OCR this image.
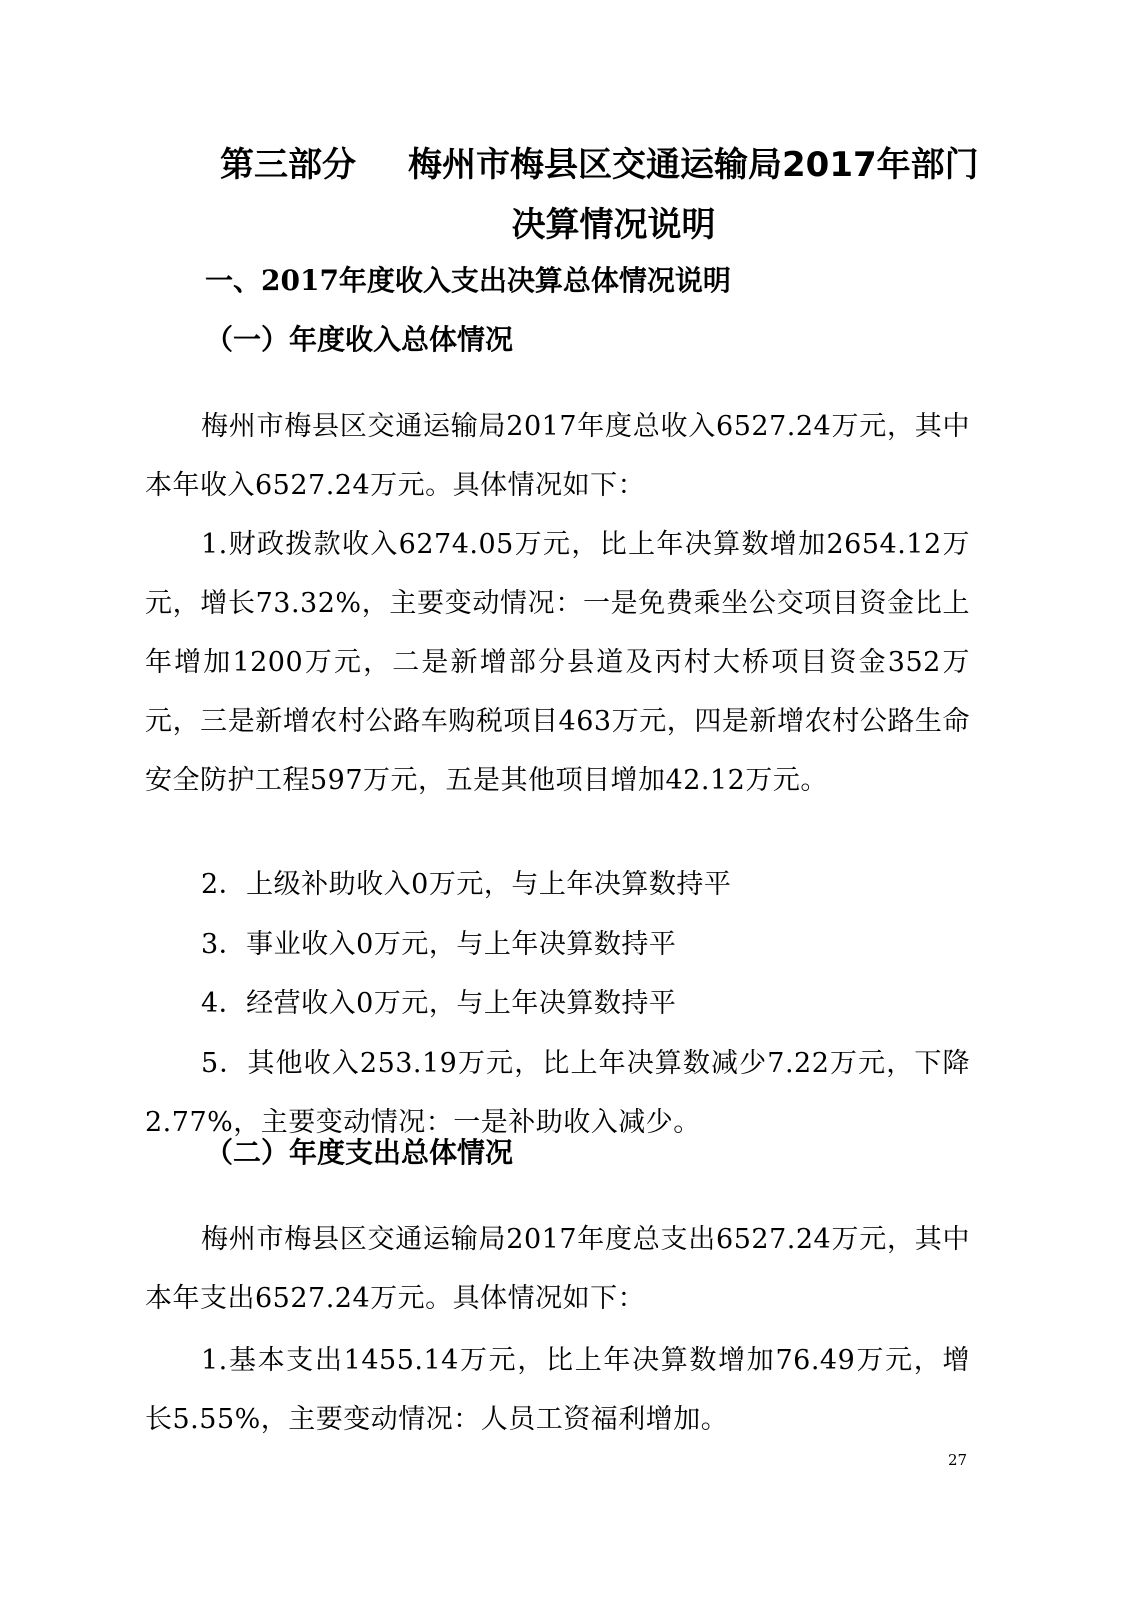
第三部分 梅州市梅县区交通运输局2017年部门
决算情况说明
一、2017年度收入支出决算总体情况说明
（一）年度收入总体情况

梅州市梅县区交通运输局2017年度总收入6527.24万元，其中本年收入6527.24万元。具体情况如下：

1.财政拨款收入6274.05万元，比上年决算数增加2654.12万元，增长73.32%，主要变动情况：一是免费乘坐公交项目资金比上年增加1200万元，二是新增部分县道及丙村大桥项目资金352万元，三是新增农村公路车购税项目463万元，四是新增农村公路生命安全防护工程597万元，五是其他项目增加42.12万元。

2．上级补助收入0万元，与上年决算数持平

3．事业收入0万元，与上年决算数持平

4．经营收入0万元，与上年决算数持平

5．其他收入253.19万元，比上年决算数减少7.22万元，下降2.77%，主要变动情况：一是补助收入减少。

（二）年度支出总体情况

梅州市梅县区交通运输局2017年度总支出6527.24万元，其中本年支出6527.24万元。具体情况如下：

1.基本支出1455.14万元，比上年决算数增加76.49万元，增长5.55%，主要变动情况：人员工资福利增加。

27
